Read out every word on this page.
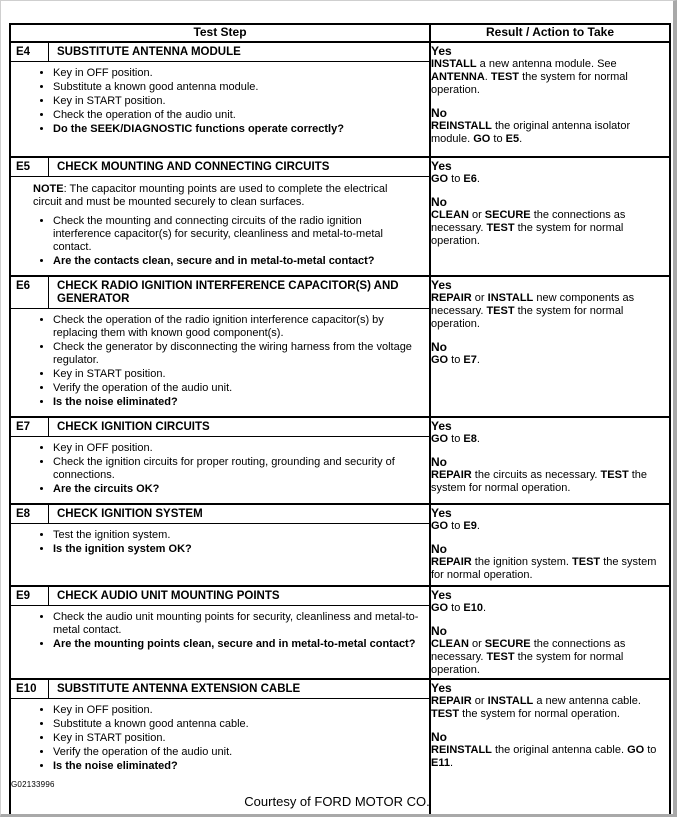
Test Step	Result / Action to Take

E4	SUBSTITUTE ANTENNA MODULE
• Key in OFF position.
• Substitute a known good antenna module.
• Key in START position.
• Check the operation of the audio unit.
• Do the SEEK/DIAGNOSTIC functions operate correctly?

Yes
INSTALL a new antenna module. See ANTENNA. TEST the system for normal operation.
No
REINSTALL the original antenna isolator module. GO to E5.

E5	CHECK MOUNTING AND CONNECTING CIRCUITS
NOTE: The capacitor mounting points are used to complete the electrical circuit and must be mounted securely to clean surfaces.
• Check the mounting and connecting circuits of the radio ignition interference capacitor(s) for security, cleanliness and metal-to-metal contact.
• Are the contacts clean, secure and in metal-to-metal contact?

Yes
GO to E6.
No
CLEAN or SECURE the connections as necessary. TEST the system for normal operation.

E6	CHECK RADIO IGNITION INTERFERENCE CAPACITOR(S) AND GENERATOR
• Check the operation of the radio ignition interference capacitor(s) by replacing them with known good component(s).
• Check the generator by disconnecting the wiring harness from the voltage regulator.
• Key in START position.
• Verify the operation of the audio unit.
• Is the noise eliminated?

Yes
REPAIR or INSTALL new components as necessary. TEST the system for normal operation.
No
GO to E7.

E7	CHECK IGNITION CIRCUITS
• Key in OFF position.
• Check the ignition circuits for proper routing, grounding and security of connections.
• Are the circuits OK?

Yes
GO to E8.
No
REPAIR the circuits as necessary. TEST the system for normal operation.

E8	CHECK IGNITION SYSTEM
• Test the ignition system.
• Is the ignition system OK?

Yes
GO to E9.
No
REPAIR the ignition system. TEST the system for normal operation.

E9	CHECK AUDIO UNIT MOUNTING POINTS
• Check the audio unit mounting points for security, cleanliness and metal-to-metal contact.
• Are the mounting points clean, secure and in metal-to-metal contact?

Yes
GO to E10.
No
CLEAN or SECURE the connections as necessary. TEST the system for normal operation.

E10	SUBSTITUTE ANTENNA EXTENSION CABLE
• Key in OFF position.
• Substitute a known good antenna cable.
• Key in START position.
• Verify the operation of the audio unit.
• Is the noise eliminated?

Yes
REPAIR or INSTALL a new antenna cable. TEST the system for normal operation.
No
REINSTALL the original antenna cable. GO to E11.
G02133996
Courtesy of FORD MOTOR CO.
